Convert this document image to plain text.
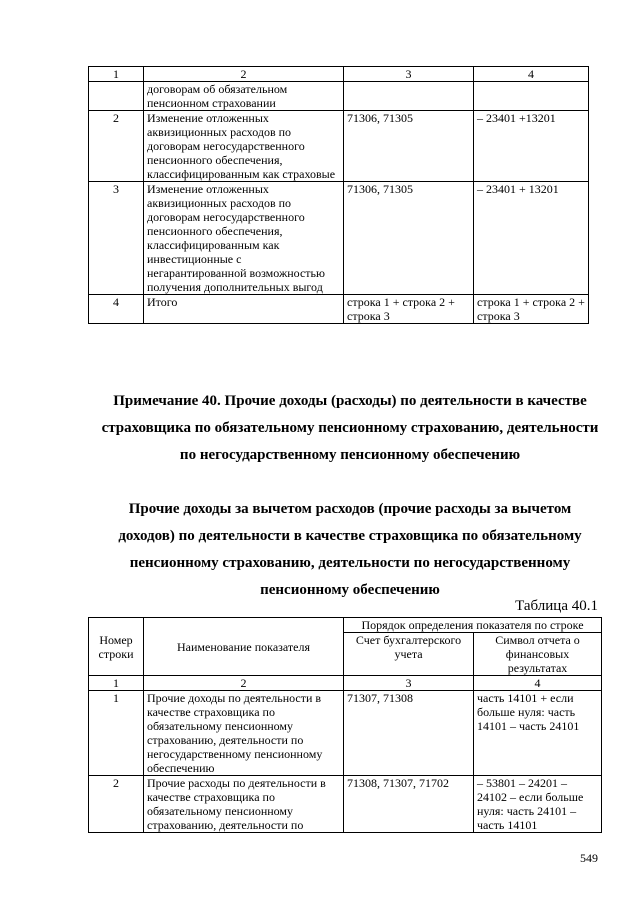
1	2	3	4
	договорам об обязательном пенсионном страховании		
2	Изменение отложенных аквизиционных расходов по договорам негосударственного пенсионного обеспечения, классифицированным как страховые	71306, 71305	– 23401 +13201
3	Изменение отложенных аквизиционных расходов по договорам негосударственного пенсионного обеспечения, классифицированным как инвестиционные с негарантированной возможностью получения дополнительных выгод	71306, 71305	– 23401 + 13201
4	Итого	строка 1 + строка 2 + строка 3	строка 1 + строка 2 + строка 3
Примечание 40. Прочие доходы (расходы) по деятельности в качестве
страховщика по обязательному пенсионному страхованию, деятельности
по негосударственному пенсионному обеспечению
Прочие доходы за вычетом расходов (прочие расходы за вычетом
доходов) по деятельности в качестве страховщика по обязательному
пенсионному страхованию, деятельности по негосударственному
пенсионному обеспечению
Таблица 40.1
Номер строки	Наименование показателя	Порядок определения показателя по строке	
		Счет бухгалтерского учета	Символ отчета о финансовых результатах
1	2	3	4
1	Прочие доходы по деятельности в качестве страховщика по обязательному пенсионному страхованию, деятельности по негосударственному пенсионному обеспечению	71307, 71308	часть 14101 + если больше нуля: часть 14101 – часть 24101
2	Прочие расходы по деятельности в качестве страховщика по обязательному пенсионному страхованию, деятельности по	71308, 71307, 71702	– 53801 – 24201 – 24102 – если больше нуля: часть 24101 – часть 14101
549
